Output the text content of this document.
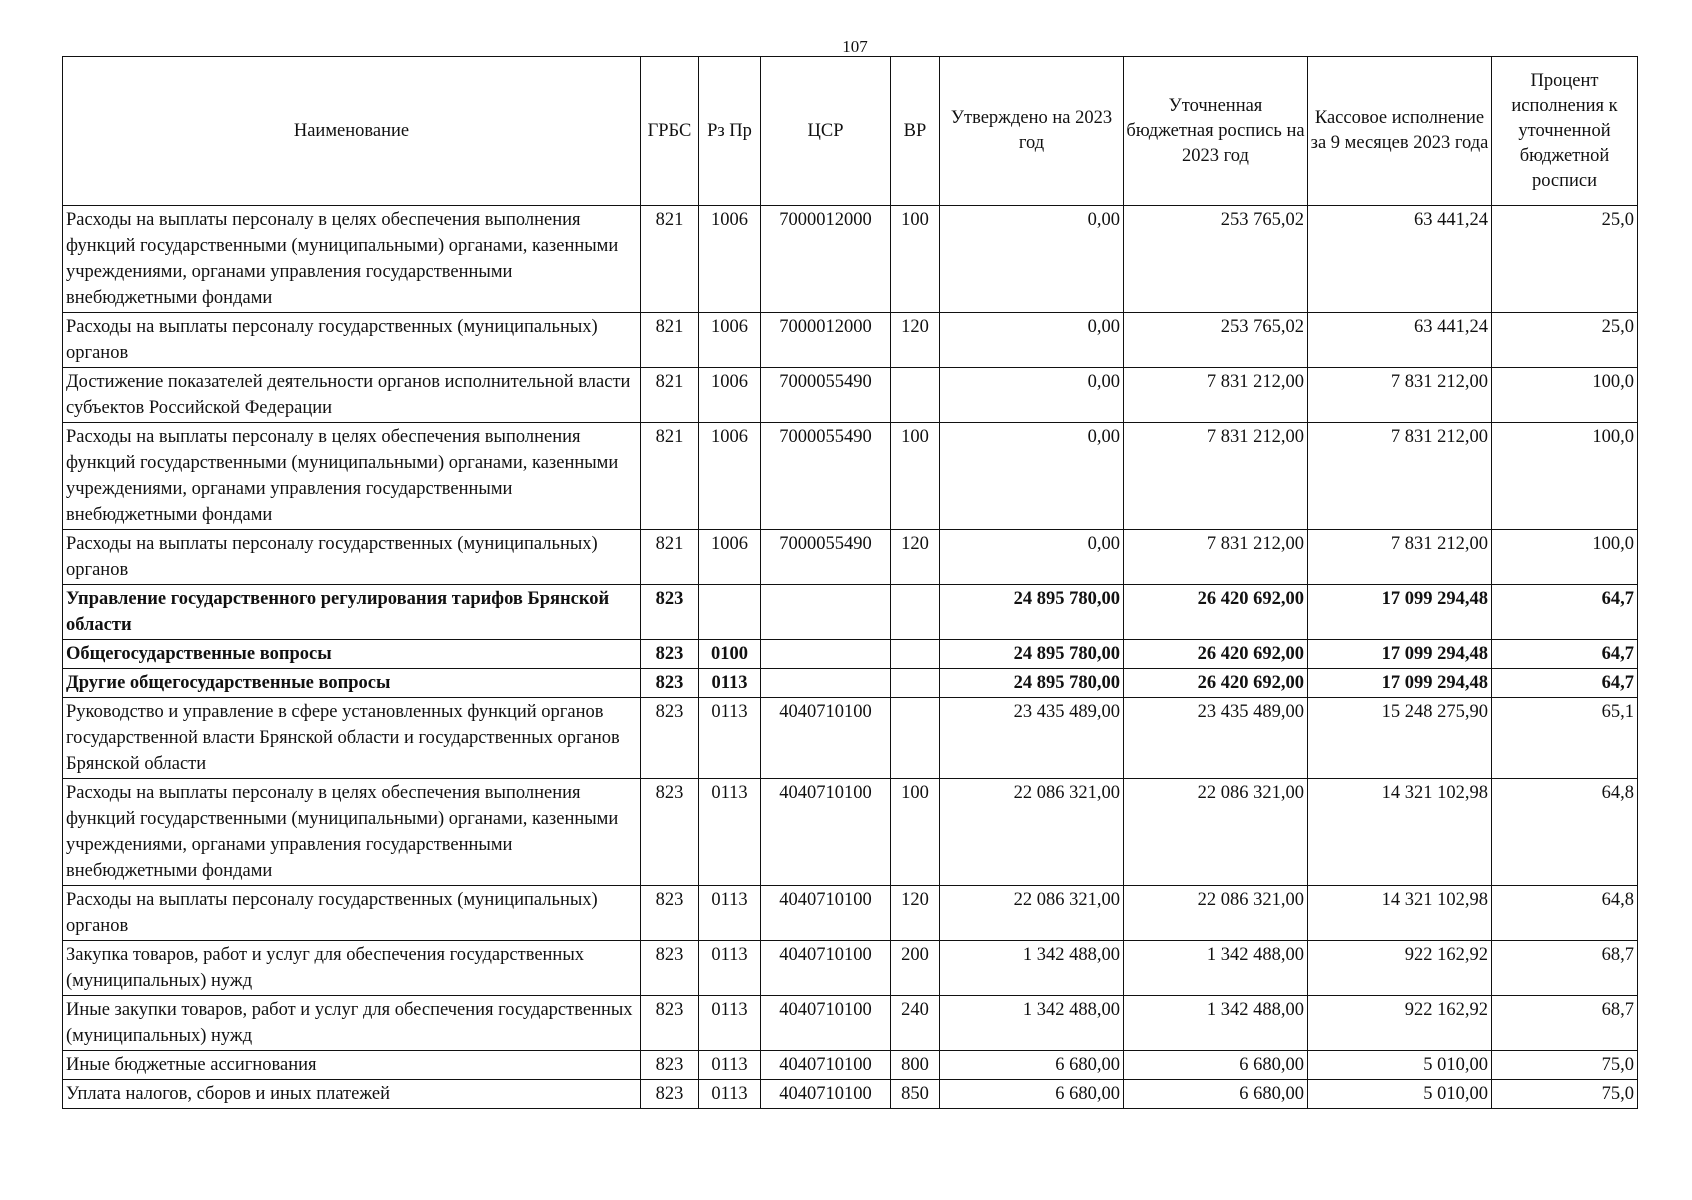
107
Наименование	ГРБС	Рз Пр	ЦСР	ВР	Утверждено на 2023 год	Уточненная бюджетная роспись на 2023 год	Кассовое исполнение за 9 месяцев 2023 года	Процент исполнения к уточненной бюджетной росписи
Расходы на выплаты персоналу в целях обеспечения выполнения функций государственными (муниципальными) органами, казенными учреждениями, органами управления государственными внебюджетными фондами	821	1006	7000012000	100	0,00	253 765,02	63 441,24	25,0
Расходы на выплаты персоналу государственных (муниципальных) органов	821	1006	7000012000	120	0,00	253 765,02	63 441,24	25,0
Достижение показателей деятельности органов исполнительной власти субъектов Российской Федерации	821	1006	7000055490		0,00	7 831 212,00	7 831 212,00	100,0
Расходы на выплаты персоналу в целях обеспечения выполнения функций государственными (муниципальными) органами, казенными учреждениями, органами управления государственными внебюджетными фондами	821	1006	7000055490	100	0,00	7 831 212,00	7 831 212,00	100,0
Расходы на выплаты персоналу государственных (муниципальных) органов	821	1006	7000055490	120	0,00	7 831 212,00	7 831 212,00	100,0
Управление государственного регулирования тарифов Брянской области	823				24 895 780,00	26 420 692,00	17 099 294,48	64,7
Общегосударственные вопросы	823	0100			24 895 780,00	26 420 692,00	17 099 294,48	64,7
Другие общегосударственные вопросы	823	0113			24 895 780,00	26 420 692,00	17 099 294,48	64,7
Руководство и управление в сфере установленных функций органов государственной власти Брянской области и государственных органов Брянской области	823	0113	4040710100		23 435 489,00	23 435 489,00	15 248 275,90	65,1
Расходы на выплаты персоналу в целях обеспечения выполнения функций государственными (муниципальными) органами, казенными учреждениями, органами управления государственными внебюджетными фондами	823	0113	4040710100	100	22 086 321,00	22 086 321,00	14 321 102,98	64,8
Расходы на выплаты персоналу государственных (муниципальных) органов	823	0113	4040710100	120	22 086 321,00	22 086 321,00	14 321 102,98	64,8
Закупка товаров, работ и услуг для обеспечения государственных (муниципальных) нужд	823	0113	4040710100	200	1 342 488,00	1 342 488,00	922 162,92	68,7
Иные закупки товаров, работ и услуг для обеспечения государственных (муниципальных) нужд	823	0113	4040710100	240	1 342 488,00	1 342 488,00	922 162,92	68,7
Иные бюджетные ассигнования	823	0113	4040710100	800	6 680,00	6 680,00	5 010,00	75,0
Уплата налогов, сборов и иных платежей	823	0113	4040710100	850	6 680,00	6 680,00	5 010,00	75,0
